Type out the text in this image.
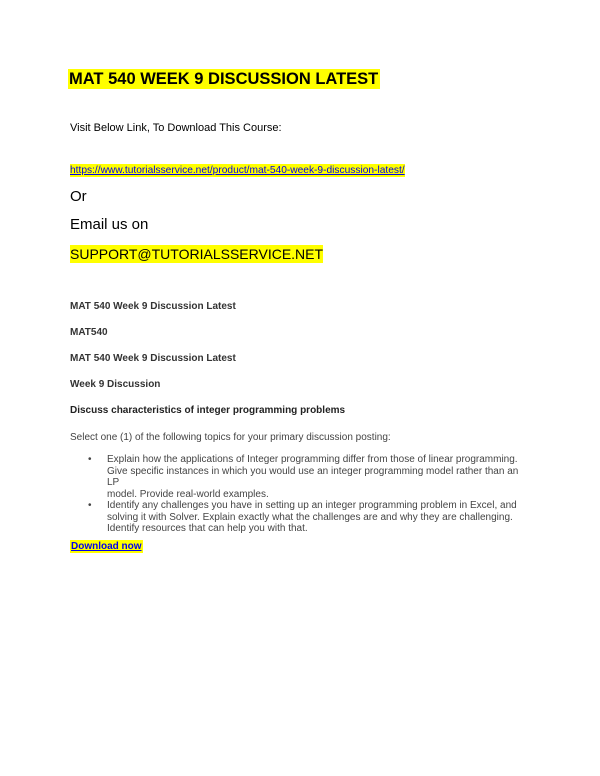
MAT 540 WEEK 9 DISCUSSION LATEST
Visit Below Link, To Download This Course:
https://www.tutorialsservice.net/product/mat-540-week-9-discussion-latest/
Or
Email us on
SUPPORT@TUTORIALSSERVICE.NET
MAT 540 Week 9 Discussion Latest
MAT540
MAT 540 Week 9 Discussion Latest
Week 9 Discussion
Discuss characteristics of integer programming problems
Select one (1) of the following topics for your primary discussion posting:
• Explain how the applications of Integer programming differ from those of linear programming.
Give specific instances in which you would use an integer programming model rather than an LP
model. Provide real-world examples.
• Identify any challenges you have in setting up an integer programming problem in Excel, and
solving it with Solver. Explain exactly what the challenges are and why they are challenging.
Identify resources that can help you with that.
Download now
